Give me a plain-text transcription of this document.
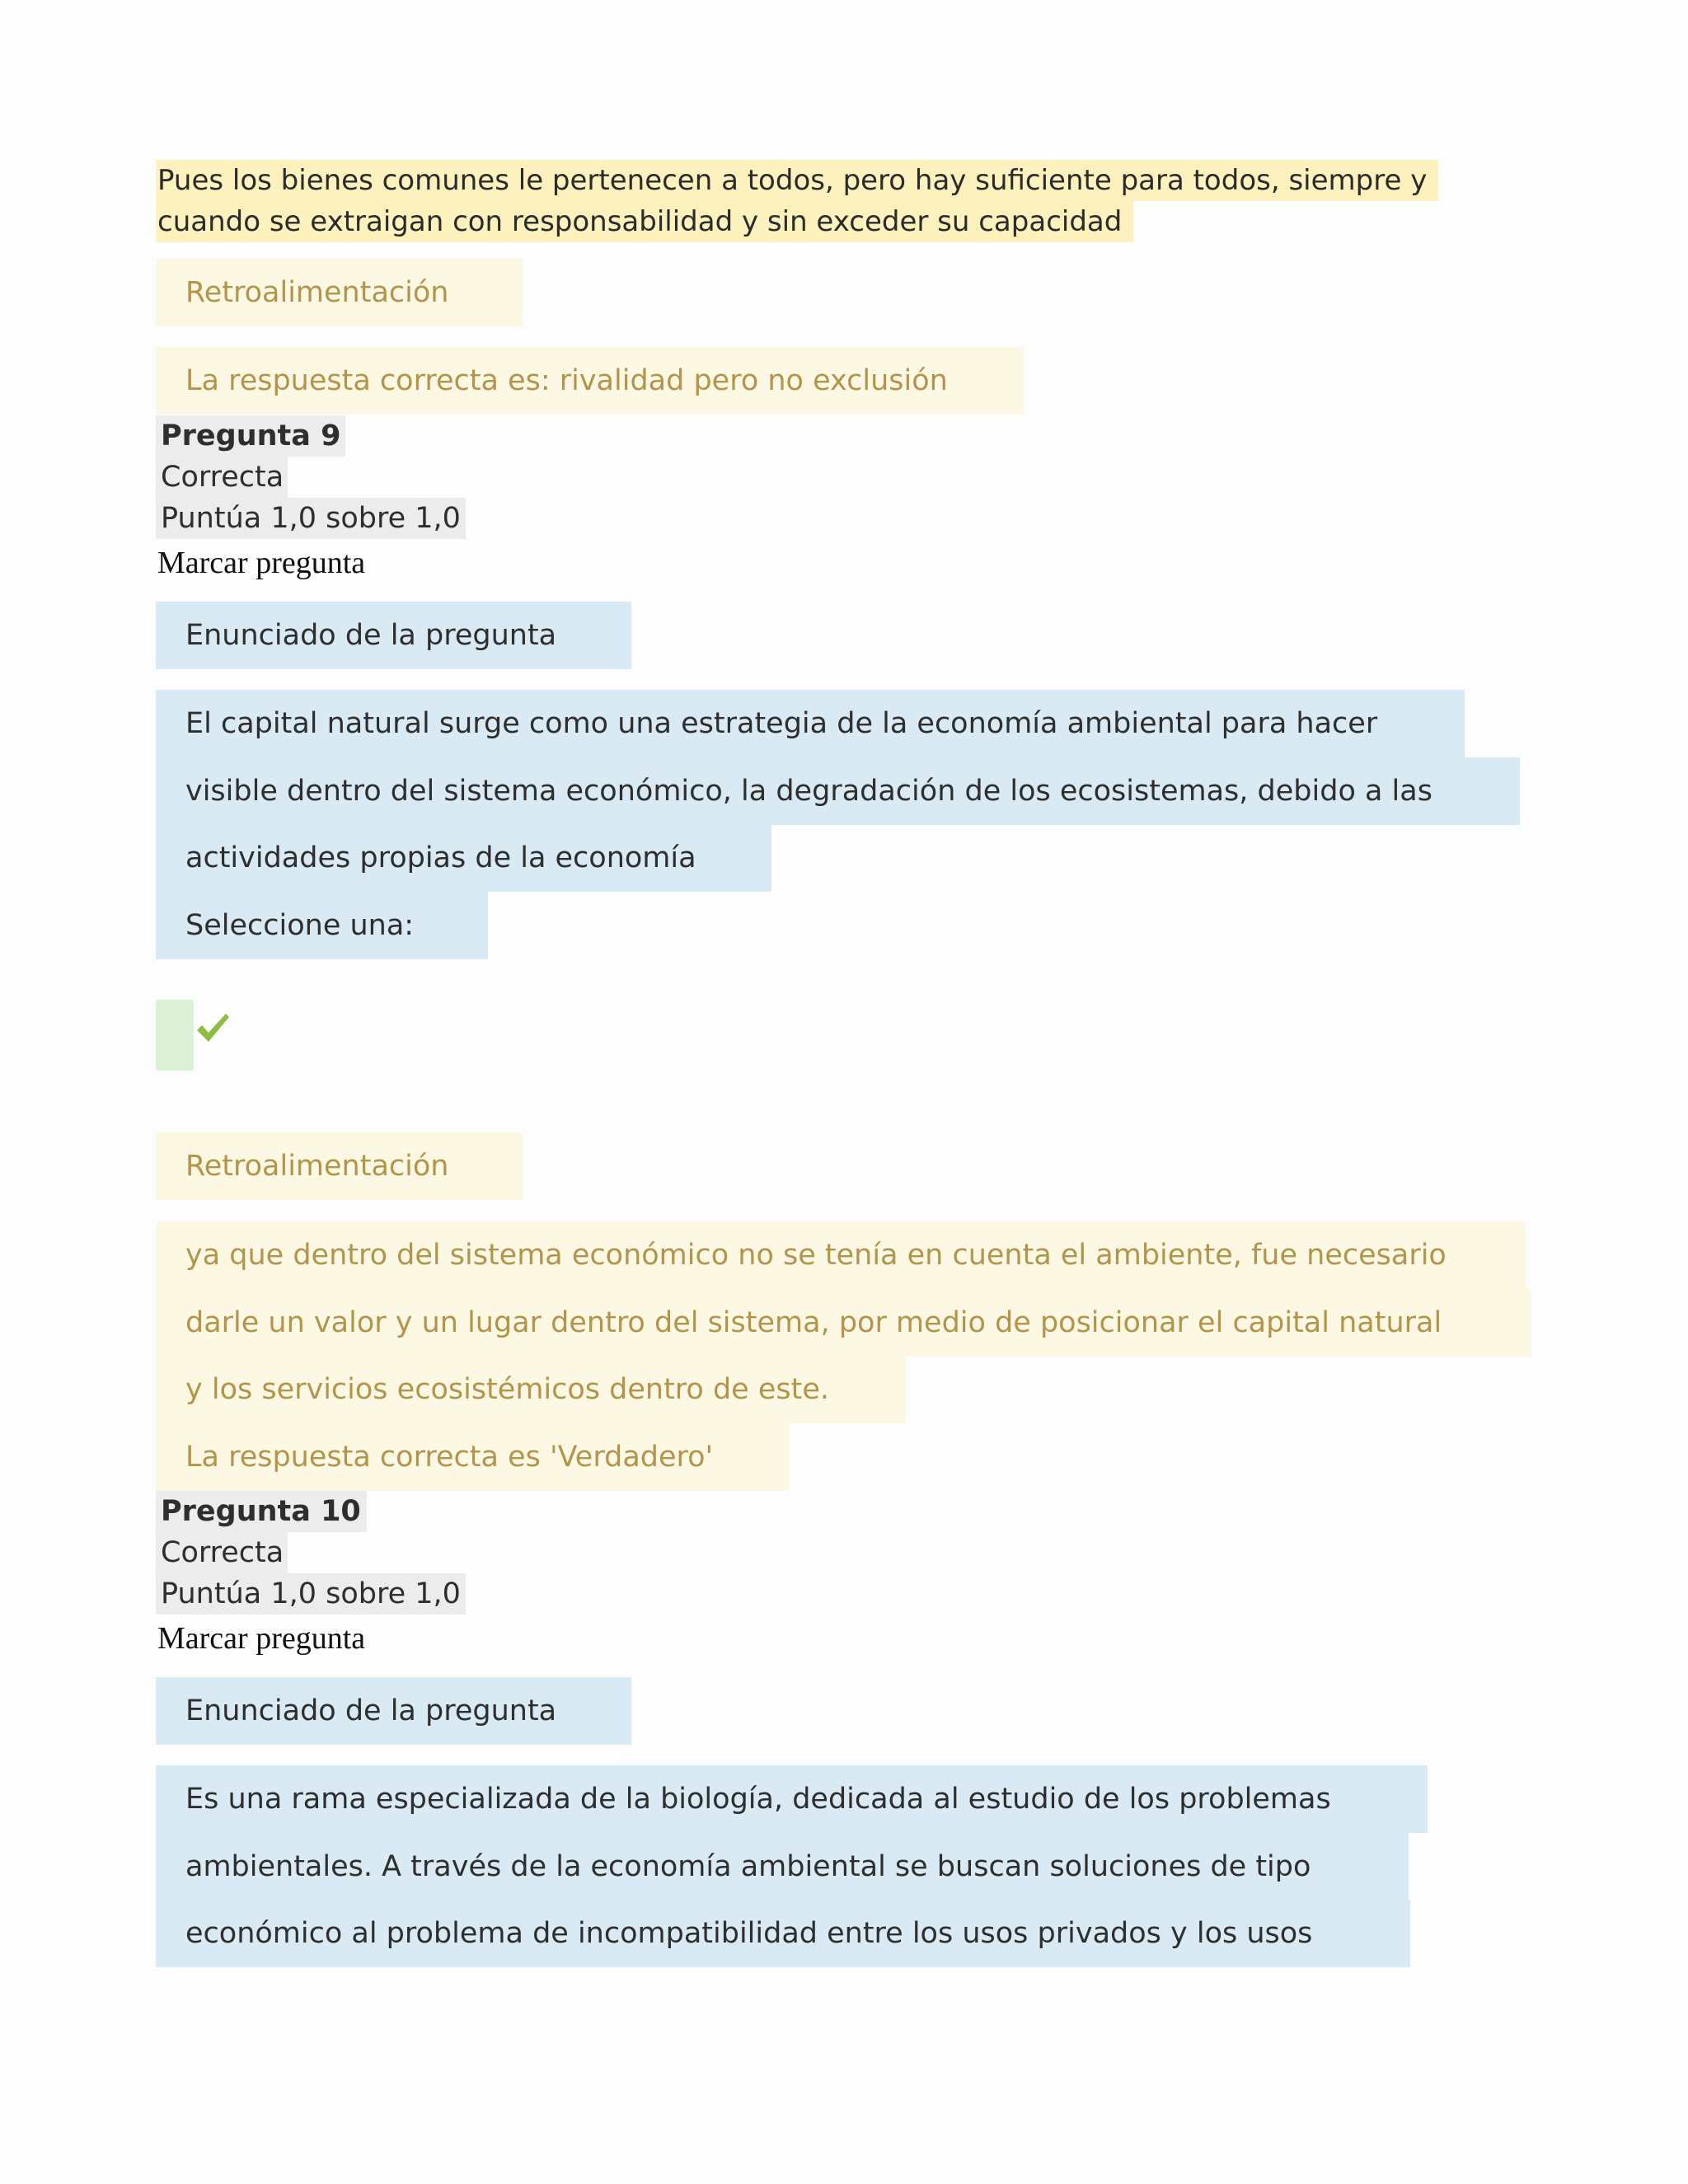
Pues los bienes comunes le pertenecen a todos, pero hay suficiente para todos, siempre y
cuando se extraigan con responsabilidad y sin exceder su capacidad
Retroalimentación
La respuesta correcta es: rivalidad pero no exclusión
Pregunta 9
Correcta
Puntúa 1,0 sobre 1,0
Marcar pregunta
Enunciado de la pregunta
El capital natural surge como una estrategia de la economía ambiental para hacer
visible dentro del sistema económico, la degradación de los ecosistemas, debido a las
actividades propias de la economía
Seleccione una:
Retroalimentación
ya que dentro del sistema económico no se tenía en cuenta el ambiente, fue necesario
darle un valor y un lugar dentro del sistema, por medio de posicionar el capital natural
y los servicios ecosistémicos dentro de este.
La respuesta correcta es 'Verdadero'
Pregunta 10
Correcta
Puntúa 1,0 sobre 1,0
Marcar pregunta
Enunciado de la pregunta
Es una rama especializada de la biología, dedicada al estudio de los problemas
ambientales. A través de la economía ambiental se buscan soluciones de tipo
económico al problema de incompatibilidad entre los usos privados y los usos
